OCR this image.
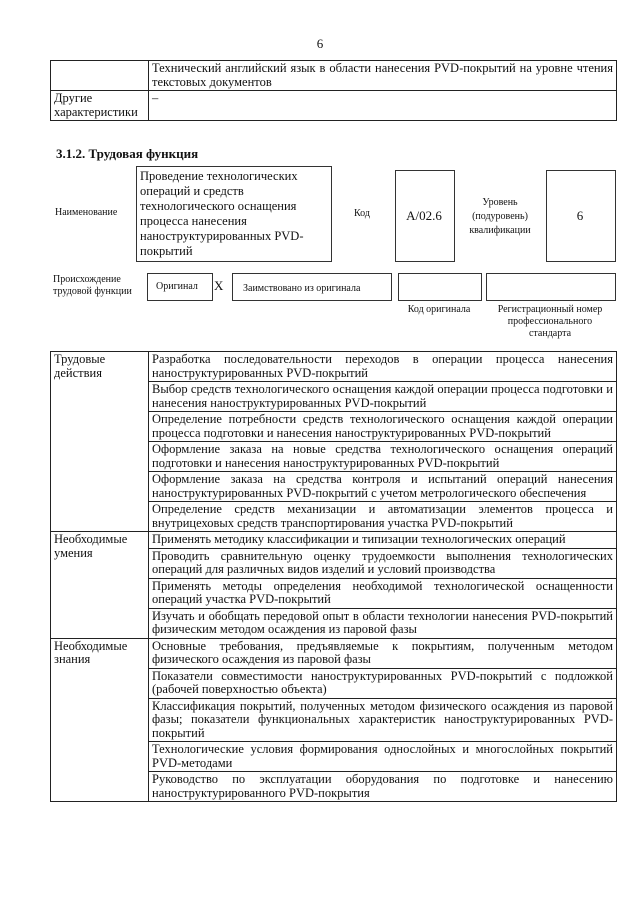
6
	Технический английский язык в области нанесения PVD-покрытий на уровне чтения текстовых документов
Другие характеристики	–
3.1.2. Трудовая функция
Наименование
Проведение технологических операций и средств технологического оснащения процесса нанесения наноструктурированных PVD-покрытий
Код	А/02.6
Уровень (подуровень) квалификации
6
Происхождение трудовой функции	Оригинал X Заимствовано из оригинала
Код оригинала	Регистрационный номер профессионального стандарта
Трудовые действия	Разработка последовательности переходов в операции процесса нанесения наноструктурированных PVD-покрытий
	Выбор средств технологического оснащения каждой операции процесса подготовки и нанесения наноструктурированных PVD-покрытий
	Определение потребности средств технологического оснащения каждой операции процесса подготовки и нанесения наноструктурированных PVD-покрытий
	Оформление заказа на новые средства технологического оснащения операций подготовки и нанесения наноструктурированных PVD-покрытий
	Оформление заказа на средства контроля и испытаний операций нанесения наноструктурированных PVD-покрытий с учетом метрологического обеспечения
	Определение средств механизации и автоматизации элементов процесса и внутрицеховых средств транспортирования участка PVD-покрытий
Необходимые умения	Применять методику классификации и типизации технологических операций
	Проводить сравнительную оценку трудоемкости выполнения технологических операций для различных видов изделий и условий производства
	Применять методы определения необходимой технологической оснащенности операций участка PVD-покрытий
	Изучать и обобщать передовой опыт в области технологии нанесения PVD-покрытий физическим методом осаждения из паровой фазы
Необходимые знания	Основные требования, предъявляемые к покрытиям, полученным методом физического осаждения из паровой фазы
	Показатели совместимости наноструктурированных PVD-покрытий с подложкой (рабочей поверхностью объекта)
	Классификация покрытий, полученных методом физического осаждения из паровой фазы; показатели функциональных характеристик наноструктурированных PVD-покрытий
	Технологические условия формирования однослойных и многослойных покрытий PVD-методами
	Руководство по эксплуатации оборудования по подготовке и нанесению наноструктурированного PVD-покрытия
